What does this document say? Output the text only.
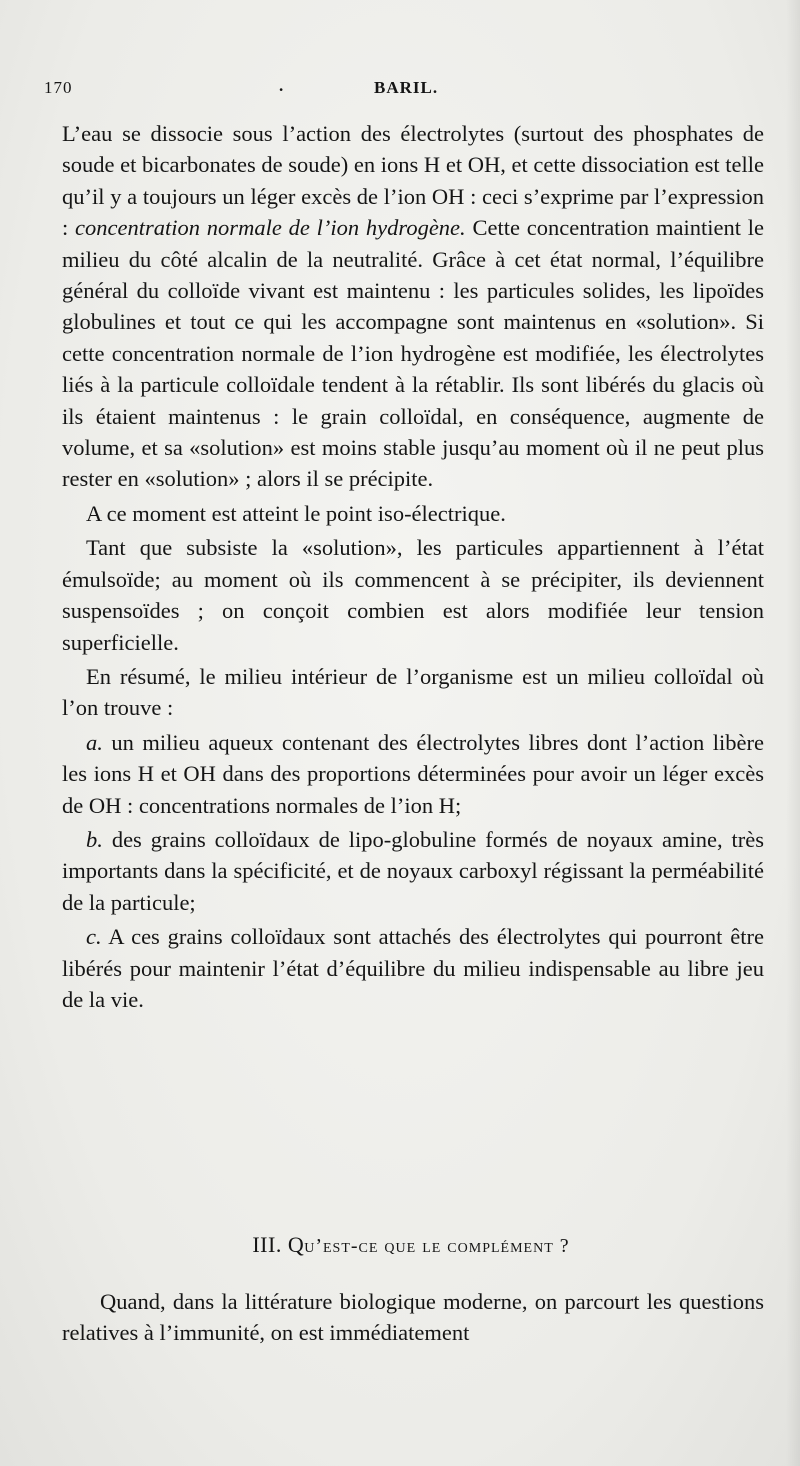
170	.	BARIL.

L’eau se dissocie sous l’action des électrolytes (surtout des phosphates de soude et bicarbonates de soude) en ions H et OH, et cette dissociation est telle qu’il y a toujours un léger excès de l’ion OH : ceci s’exprime par l’expression : concentration normale de l’ion hydrogène. Cette concentration maintient le milieu du côté alcalin de la neutralité. Grâce à cet état normal, l’équilibre général du colloïde vivant est maintenu : les particules solides, les lipoïdes globulines et tout ce qui les accompagne sont maintenus en «solution». Si cette concentration normale de l’ion hydrogène est modifiée, les électrolytes liés à la particule colloïdale tendent à la rétablir. Ils sont libérés du glacis où ils étaient maintenus : le grain colloïdal, en conséquence, augmente de volume, et sa «solution» est moins stable jusqu’au moment où il ne peut plus rester en «solution» ; alors il se précipite.

A ce moment est atteint le point iso-électrique.

Tant que subsiste la «solution», les particules appartiennent à l’état émulsoïde; au moment où ils commencent à se précipiter, ils deviennent suspensoïdes ; on conçoit combien est alors modifiée leur tension superficielle.

En résumé, le milieu intérieur de l’organisme est un milieu colloïdal où l’on trouve :

a. un milieu aqueux contenant des électrolytes libres dont l’action libère les ions H et OH dans des proportions déterminées pour avoir un léger excès de OH : concentrations normales de l’ion H;

b. des grains colloïdaux de lipo-globuline formés de noyaux amine, très importants dans la spécificité, et de noyaux carboxyl régissant la perméabilité de la particule;

c. A ces grains colloïdaux sont attachés des électrolytes qui pourront être libérés pour maintenir l’état d’équilibre du milieu indispensable au libre jeu de la vie.

III. Qu’est-ce que le complément ?

Quand, dans la littérature biologique moderne, on parcourt les questions relatives à l’immunité, on est immédiatement
